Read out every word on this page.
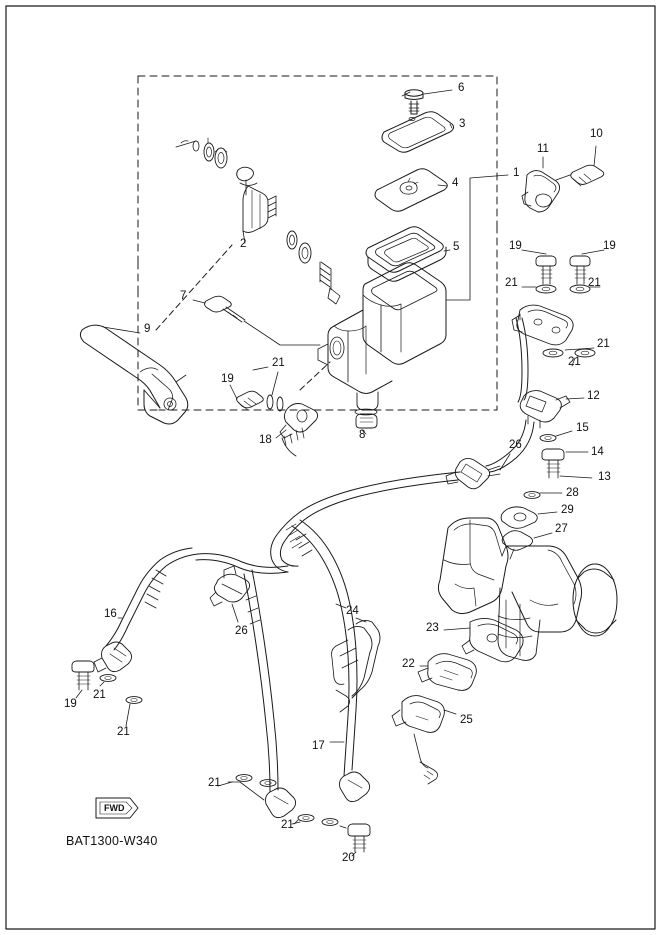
6
3
10
11
1
4
2	5	19	19
21	21
7
9
21
21
21
19
12
15
18	8
26
14
13
28
29
27
16
26
24
23
22
19
21
21
25
17
21
21
20
FWD
BAT1300-W340
